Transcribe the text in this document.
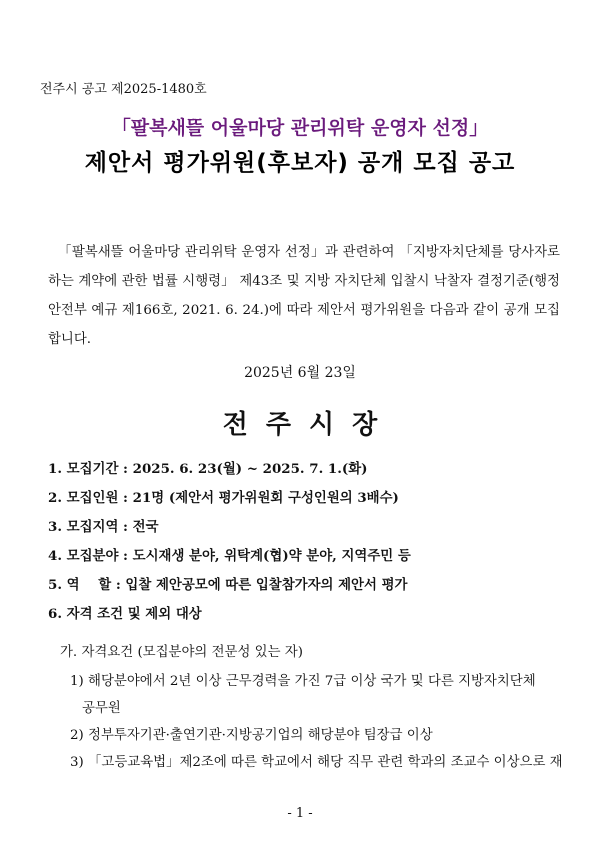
전주시 공고 제2025-1480호
「팔복새뜰 어울마당 관리위탁 운영자 선정」
제안서 평가위원(후보자) 공개 모집 공고
「팔복새뜰 어울마당 관리위탁 운영자 선정」과 관련하여 「지방자치단체를 당사자로 하는 계약에 관한 법률 시행령」 제43조 및 지방 자치단체 입찰시 낙찰자 결정기준(행정안전부 예규 제166호, 2021. 6. 24.)에 따라 제안서 평가위원을 다음과 같이 공개 모집합니다.
2025년 6월 23일
전주시장
1. 모집기간 : 2025. 6. 23(월) ~ 2025. 7. 1.(화)
2. 모집인원 : 21명 (제안서 평가위원회 구성인원의 3배수)
3. 모집지역 : 전국
4. 모집분야 : 도시재생 분야, 위탁계(협)약 분야, 지역주민 등
5. 역    할 : 입찰 제안공모에 따른 입찰참가자의 제안서 평가
6. 자격 조건 및 제외 대상
가. 자격요건 (모집분야의 전문성 있는 자)
1) 해당분야에서 2년 이상 근무경력을 가진 7급 이상 국가 및 다른 지방자치단체
공무원
2) 정부투자기관·출연기관·지방공기업의 해당분야 팀장급 이상
3) 「고등교육법」제2조에 따른 학교에서 해당 직무 관련 학과의 조교수 이상으로 재
- 1 -
